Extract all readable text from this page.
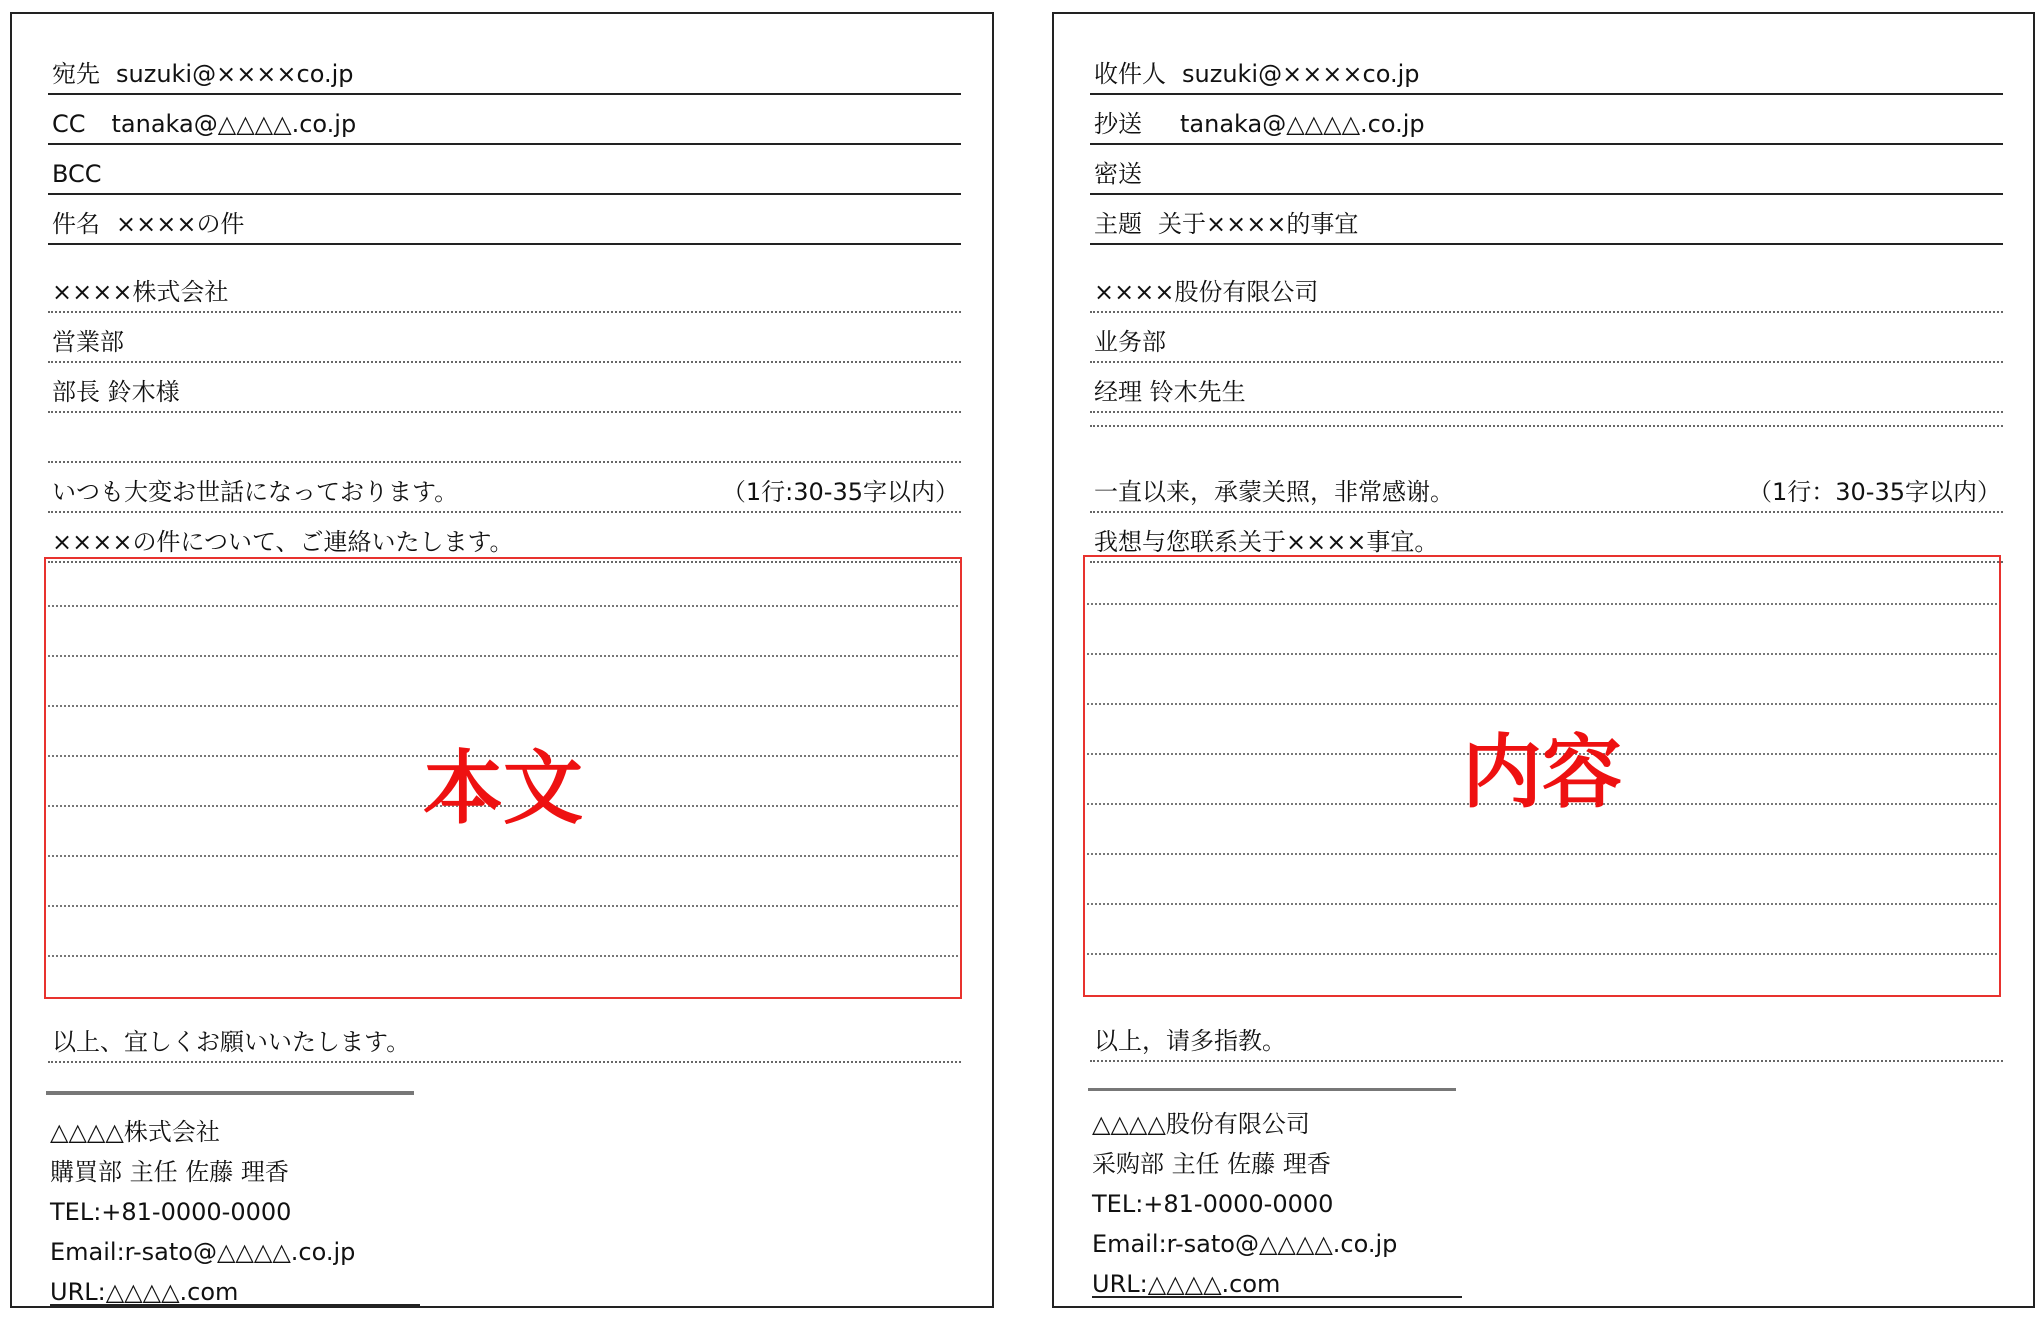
宛先 suzuki@××××co.jp
CC tanaka@△△△△.co.jp
BCC
件名 ××××の件
××××株式会社
営業部
部長 鈴木様
いつも大変お世話になっております。	（1行:30-35字以内）
××××の件について、ご連絡いたします。
本文
以上、宜しくお願いいたします。
△△△△株式会社
購買部 主任 佐藤 理香
TEL:+81-0000-0000
Email:r-sato@△△△△.co.jp
URL:△△△△.com
收件人 suzuki@××××co.jp
抄送 tanaka@△△△△.co.jp
密送
主题 关于××××的事宜
××××股份有限公司
业务部
经理 铃木先生
一直以来，承蒙关照，非常感谢。	（1行：30-35字以内）
我想与您联系关于××××事宜。
内容
以上，请多指教。
△△△△股份有限公司
采购部 主任 佐藤 理香
TEL:+81-0000-0000
Email:r-sato@△△△△.co.jp
URL:△△△△.com
